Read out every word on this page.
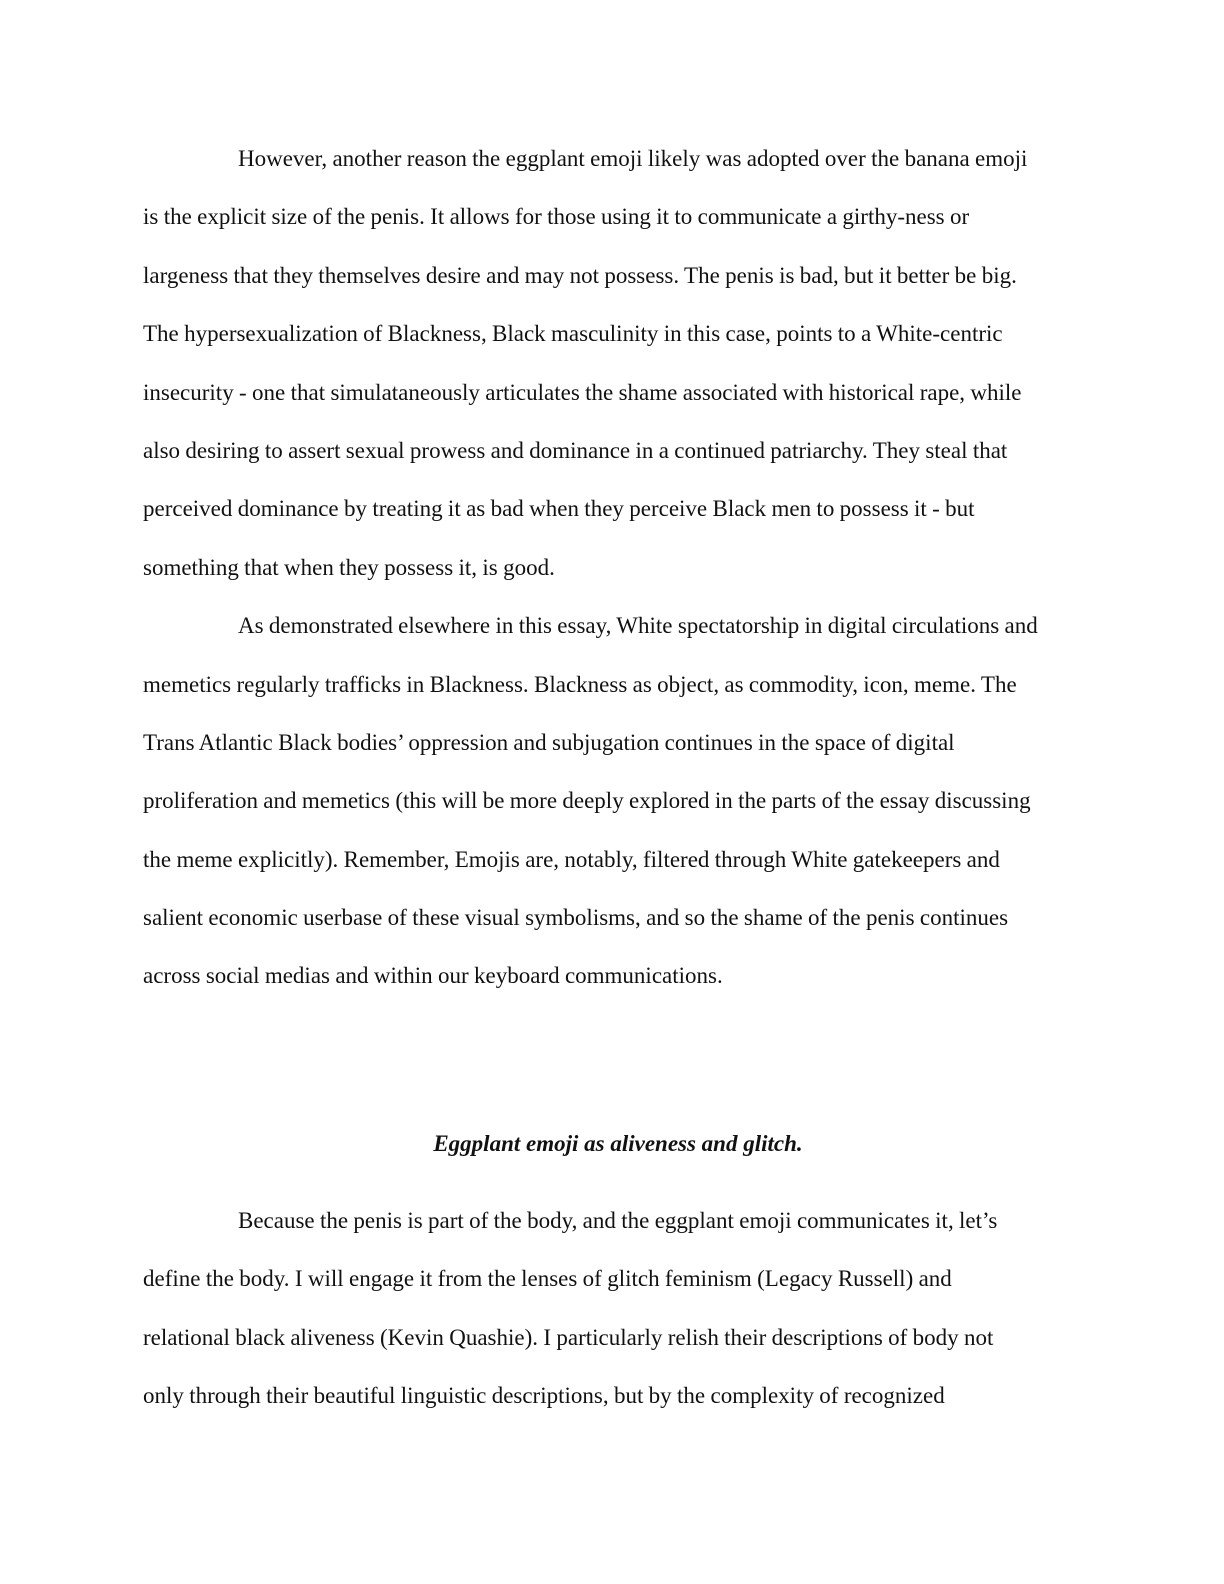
However, another reason the eggplant emoji likely was adopted over the banana emoji
is the explicit size of the penis. It allows for those using it to communicate a girthy-ness or
largeness that they themselves desire and may not possess. The penis is bad, but it better be big.
The hypersexualization of Blackness, Black masculinity in this case, points to a White-centric
insecurity - one that simulataneously articulates the shame associated with historical rape, while
also desiring to assert sexual prowess and dominance in a continued patriarchy. They steal that
perceived dominance by treating it as bad when they perceive Black men to possess it - but
something that when they possess it, is good.
As demonstrated elsewhere in this essay, White spectatorship in digital circulations and
memetics regularly trafficks in Blackness. Blackness as object, as commodity, icon, meme. The
Trans Atlantic Black bodies’ oppression and subjugation continues in the space of digital
proliferation and memetics (this will be more deeply explored in the parts of the essay discussing
the meme explicitly). Remember, Emojis are, notably, filtered through White gatekeepers and
salient economic userbase of these visual symbolisms, and so the shame of the penis continues
across social medias and within our keyboard communications.
Eggplant emoji as aliveness and glitch.
Because the penis is part of the body, and the eggplant emoji communicates it, let’s
define the body. I will engage it from the lenses of glitch feminism (Legacy Russell) and
relational black aliveness (Kevin Quashie). I particularly relish their descriptions of body not
only through their beautiful linguistic descriptions, but by the complexity of recognized
